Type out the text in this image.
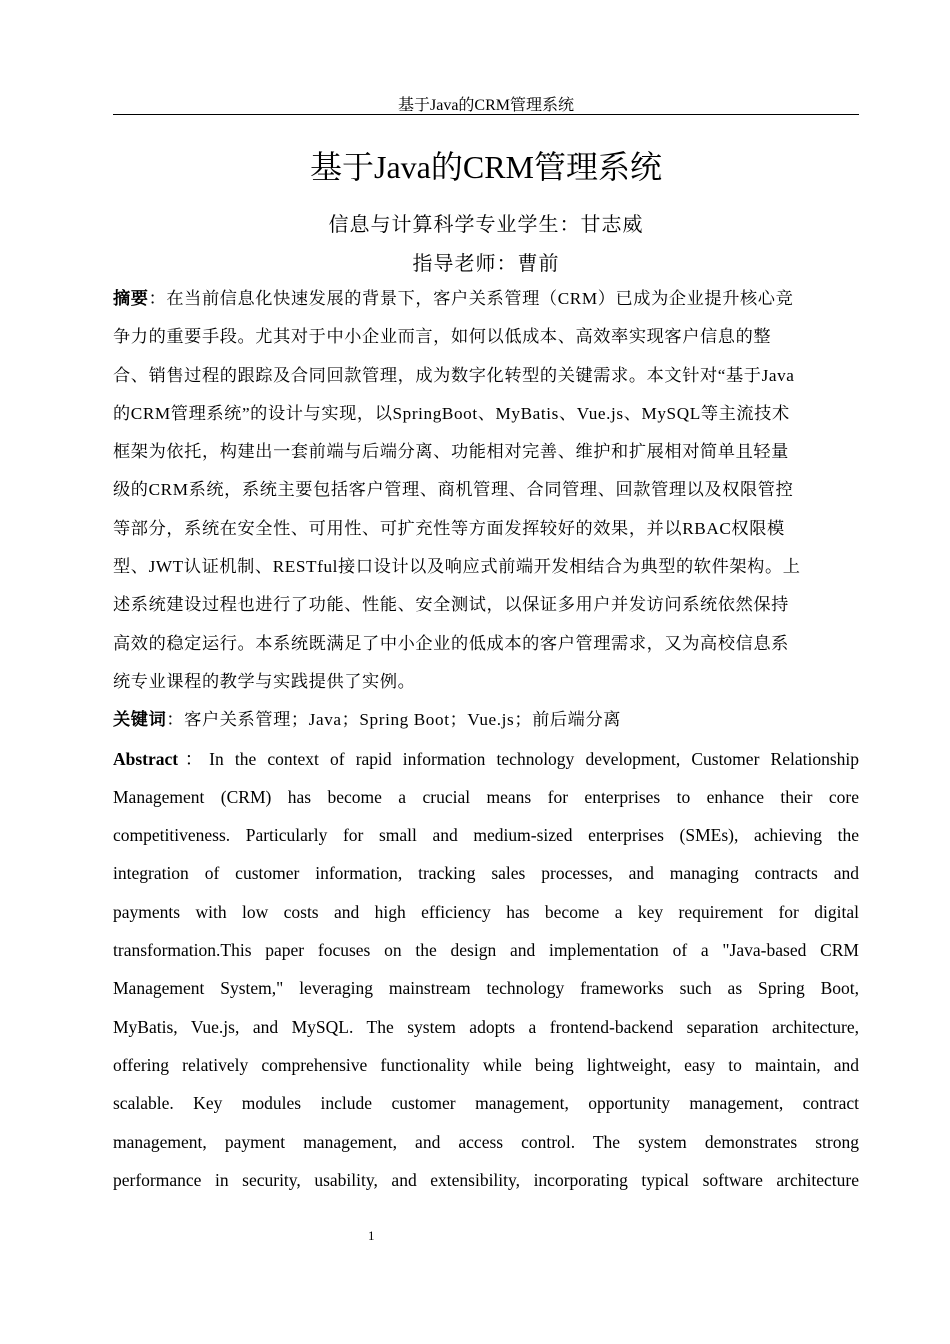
基于Java的CRM管理系统
基于Java的CRM管理系统
信息与计算科学专业学生：甘志威
指导老师：曹前
摘要：在当前信息化快速发展的背景下，客户关系管理（CRM）已成为企业提升核心竞
争力的重要手段。尤其对于中小企业而言，如何以低成本、高效率实现客户信息的整
合、销售过程的跟踪及合同回款管理，成为数字化转型的关键需求。本文针对“基于Java
的CRM管理系统”的设计与实现，以SpringBoot、MyBatis、Vue.js、MySQL等主流技术
框架为依托，构建出一套前端与后端分离、功能相对完善、维护和扩展相对简单且轻量
级的CRM系统，系统主要包括客户管理、商机管理、合同管理、回款管理以及权限管控
等部分，系统在安全性、可用性、可扩充性等方面发挥较好的效果，并以RBAC权限模
型、JWT认证机制、RESTful接口设计以及响应式前端开发相结合为典型的软件架构。上
述系统建设过程也进行了功能、性能、安全测试，以保证多用户并发访问系统依然保持
高效的稳定运行。本系统既满足了中小企业的低成本的客户管理需求，又为高校信息系
统专业课程的教学与实践提供了实例。
关键词：客户关系管理；Java；Spring Boot；Vue.js；前后端分离
Abstract：In the context of rapid information technology development, Customer Relationship
Management (CRM) has become a crucial means for enterprises to enhance their core
competitiveness. Particularly for small and medium-sized enterprises (SMEs), achieving the
integration of customer information, tracking sales processes, and managing contracts and
payments with low costs and high efficiency has become a key requirement for digital
transformation.This paper focuses on the design and implementation of a "Java-based CRM
Management System," leveraging mainstream technology frameworks such as Spring Boot,
MyBatis, Vue.js, and MySQL. The system adopts a frontend-backend separation architecture,
offering relatively comprehensive functionality while being lightweight, easy to maintain, and
scalable. Key modules include customer management, opportunity management, contract
management, payment management, and access control. The system demonstrates strong
performance in security, usability, and extensibility, incorporating typical software architecture
1
